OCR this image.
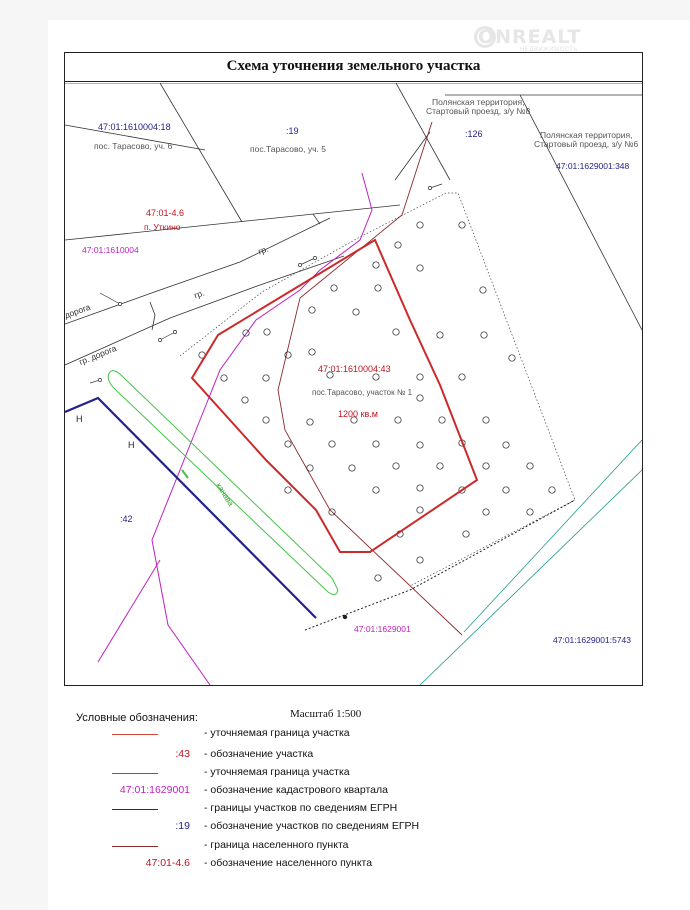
ONREALT
НЕДВИЖИМОСТЬ
Схема уточнения земельного участка
47:01:1610004:18
пос. Тарасово, уч. 6
:19
пос.Тарасово, уч. 5
Полянская территория,
Стартовый проезд, з/у №8
:126	Полянская территория,
Стартовый проезд, з/у №6
47:01:1629001:348
47:01-4.6
п. Уткино
47:01:1610004	гр.
гр.
дорога
гр. дорога
47:01:1610004:43
пос.Тарасово, участок № 1
1200 кв.м
канава
:42
Н
Н
47:01:1629001
47:01:1629001:5743
Масштаб 1:500
Условные обозначения:
- уточняемая граница участка
:43 - обозначение участка
- уточняемая граница участка
47:01:1629001 - обозначение кадастрового квартала
- границы участков по сведениям ЕГРН
:19 - обозначение участков по сведениям ЕГРН
- граница населенного пункта
47:01-4.6 - обозначение населенного пункта
